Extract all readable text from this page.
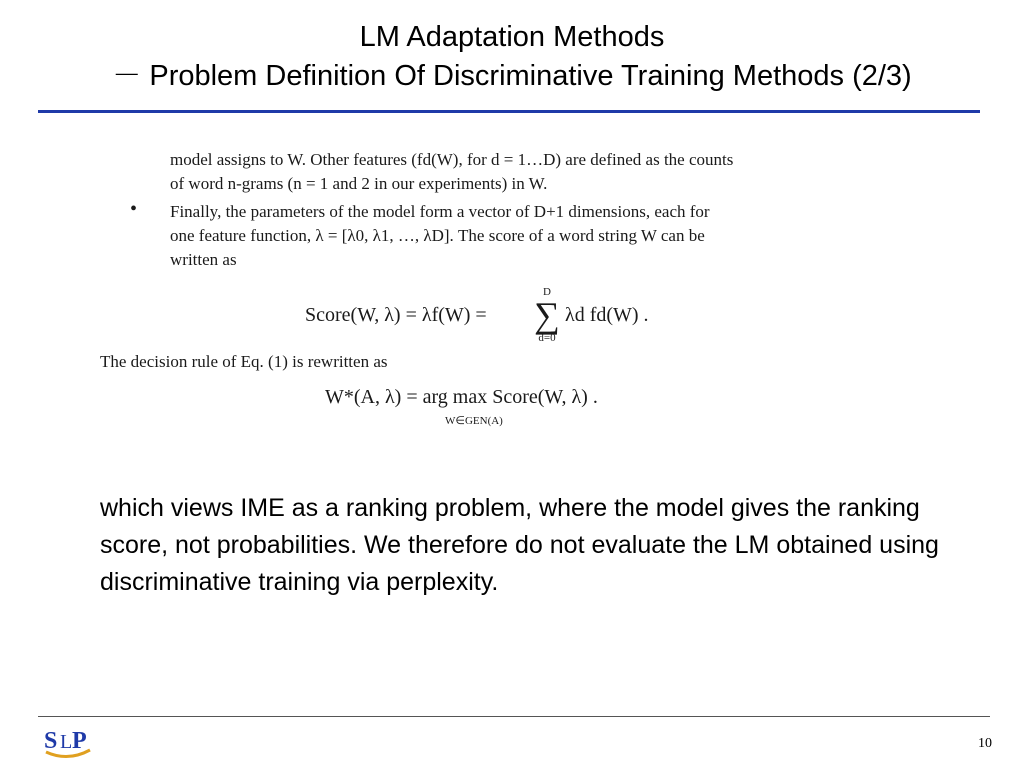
LM Adaptation Methods
－ Problem Definition Of Discriminative Training Methods (2/3)
model assigns to W. Other features (fd(W), for d = 1…D) are defined as the counts
of word n-grams (n = 1 and 2 in our experiments) in W.
• Finally, the parameters of the model form a vector of D+1 dimensions, each for
one feature function, λ = [λ0, λ1, …, λD]. The score of a word string W can be
written as
Score(W, λ) = λf(W) =
D
∑
d=0
λd fd(W) .
The decision rule of Eq. (1) is rewritten as
W*(A, λ) = arg max Score(W, λ) .
W∈GEN(A)
which views IME as a ranking problem, where the model gives the ranking score, not probabilities. We therefore do not evaluate the LM obtained using discriminative training via perplexity.
S L P	10
